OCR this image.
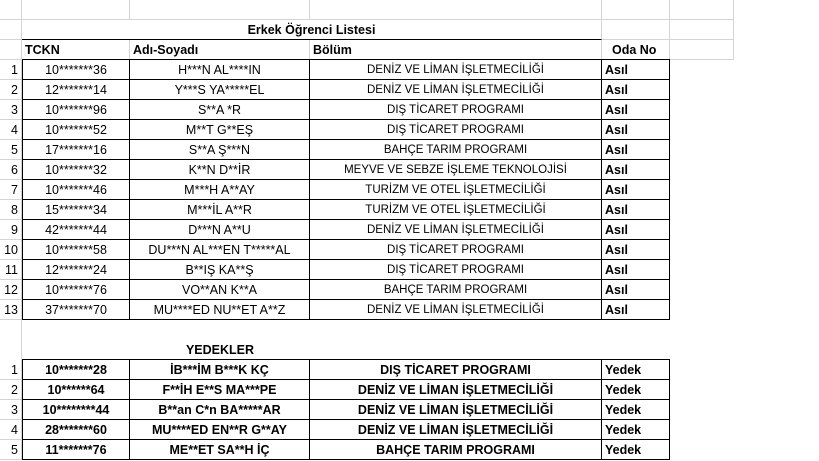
Erkek Öğrenci Listesi
TCKN	Adı-Soyadı	Bölüm	Oda No
1	10*******36	H***N AL****IN	DENİZ VE LİMAN İŞLETMECİLİĞİ	Asıl
2	12*******14	Y***S YA*****EL	DENİZ VE LİMAN İŞLETMECİLİĞİ	Asıl
3	10*******96	S**A *R	DIŞ TİCARET PROGRAMI	Asıl
4	10*******52	M**T G**EŞ	DIŞ TİCARET PROGRAMI	Asıl
5	17*******16	S**A Ş***N	BAHÇE TARIM PROGRAMI	Asıl
6	10*******32	K**N D**İR	MEYVE VE SEBZE İŞLEME TEKNOLOJİSİ	Asıl
7	10*******46	M***H A**AY	TURİZM VE OTEL İŞLETMECİLİĞİ	Asıl
8	15*******34	M***İL A**R	TURİZM VE OTEL İŞLETMECİLİĞİ	Asıl
9	42*******44	D***N A**U	DENİZ VE LİMAN İŞLETMECİLİĞİ	Asıl
10	10*******58	DU***N AL***EN T*****AL	DIŞ TİCARET PROGRAMI	Asıl
11	12*******24	B**IŞ KA**Ş	DIŞ TİCARET PROGRAMI	Asıl
12	10*******76	VO**AN K**A	BAHÇE TARIM PROGRAMI	Asıl
13	37*******70	MU****ED NU**ET A**Z	DENİZ VE LİMAN İŞLETMECİLİĞİ	Asıl
YEDEKLER
1	10*******28	İB***İM B***K KÇ	DIŞ TİCARET PROGRAMI	Yedek
2	10******64	F**İH E**S MA***PE	DENİZ VE LİMAN İŞLETMECİLİĞİ	Yedek
3	10********44	B**an C*n BA*****AR	DENİZ VE LİMAN İŞLETMECİLİĞİ	Yedek
4	28*******60	MU****ED EN**R G**AY	DENİZ VE LİMAN İŞLETMECİLİĞİ	Yedek
5	11*******76	ME**ET SA**H İÇ	BAHÇE TARIM PROGRAMI	Yedek
